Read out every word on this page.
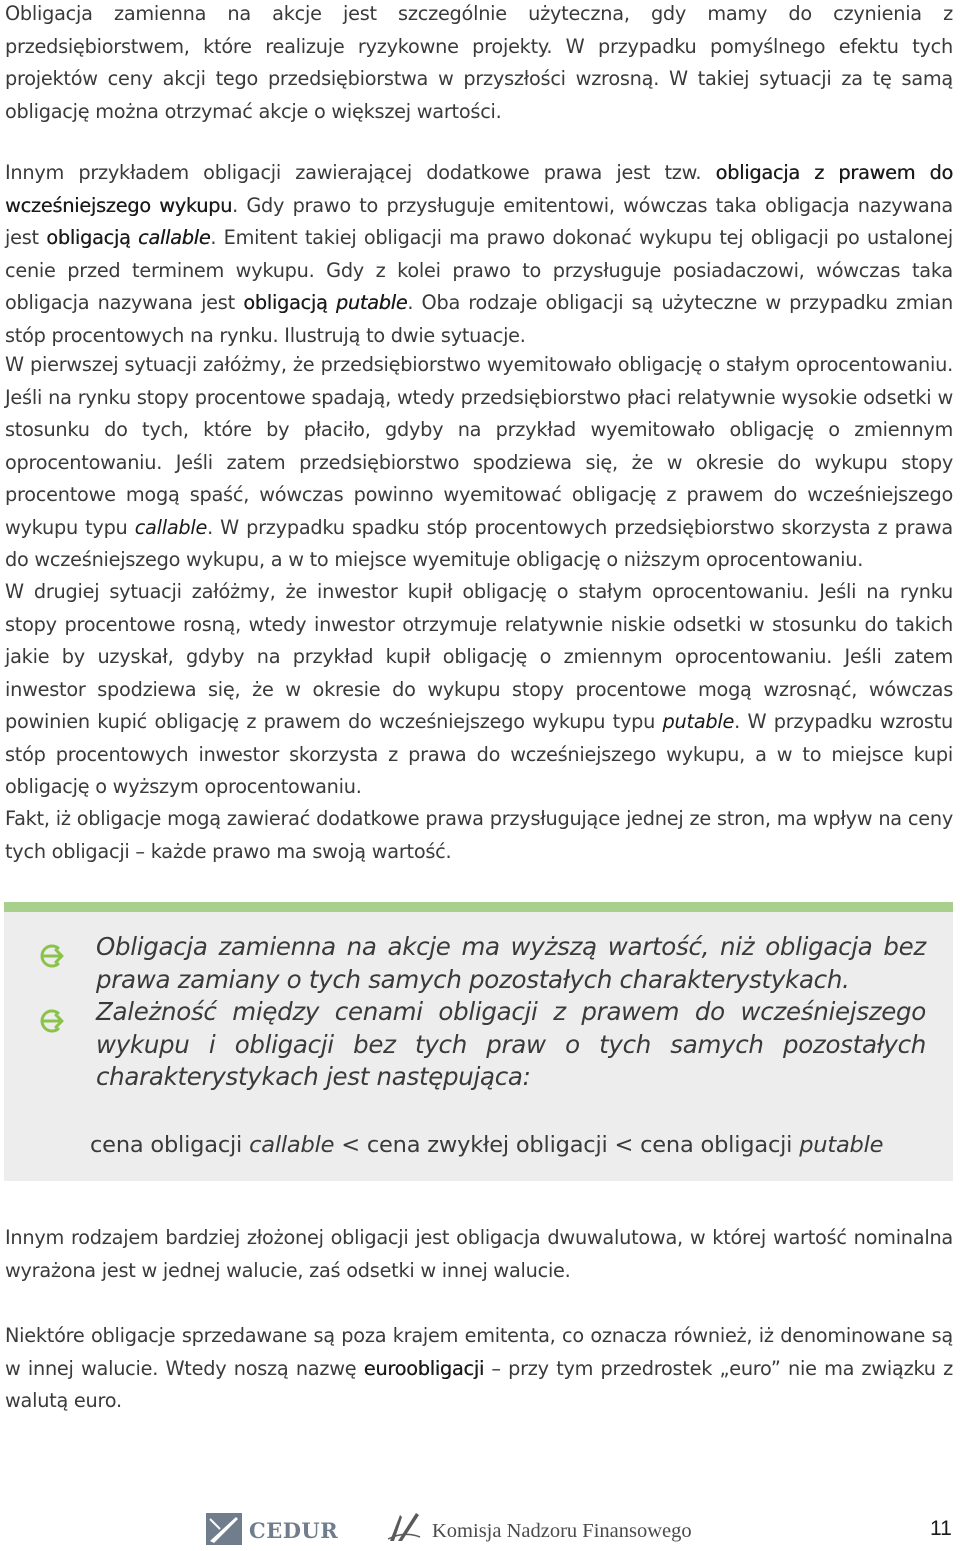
Obligacja zamienna na akcje jest szczególnie użyteczna, gdy mamy do czynienia z przedsiębiorstwem, które realizuje ryzykowne projekty. W przypadku pomyślnego efektu tych projektów ceny akcji tego przedsiębiorstwa w przyszłości wzrosną. W takiej sytuacji za tę samą obligację można otrzymać akcje o większej wartości.

Innym przykładem obligacji zawierającej dodatkowe prawa jest tzw. obligacja z prawem do wcześniejszego wykupu. Gdy prawo to przysługuje emitentowi, wówczas taka obligacja nazywana jest obligacją callable. Emitent takiej obligacji ma prawo dokonać wykupu tej obligacji po ustalonej cenie przed terminem wykupu. Gdy z kolei prawo to przysługuje posiadaczowi, wówczas taka obligacja nazywana jest obligacją putable. Oba rodzaje obligacji są użyteczne w przypadku zmian stóp procentowych na rynku. Ilustrują to dwie sytuacje.

W pierwszej sytuacji załóżmy, że przedsiębiorstwo wyemitowało obligację o stałym oprocentowaniu. Jeśli na rynku stopy procentowe spadają, wtedy przedsiębiorstwo płaci relatywnie wysokie odsetki w stosunku do tych, które by płaciło, gdyby na przykład wyemitowało obligację o zmiennym oprocentowaniu. Jeśli zatem przedsiębiorstwo spodziewa się, że w okresie do wykupu stopy procentowe mogą spaść, wówczas powinno wyemitować obligację z prawem do wcześniejszego wykupu typu callable. W przypadku spadku stóp procentowych przedsiębiorstwo skorzysta z prawa do wcześniejszego wykupu, a w to miejsce wyemituje obligację o niższym oprocentowaniu.

W drugiej sytuacji załóżmy, że inwestor kupił obligację o stałym oprocentowaniu. Jeśli na rynku stopy procentowe rosną, wtedy inwestor otrzymuje relatywnie niskie odsetki w stosunku do takich jakie by uzyskał, gdyby na przykład kupił obligację o zmiennym oprocentowaniu. Jeśli zatem inwestor spodziewa się, że w okresie do wykupu stopy procentowe mogą wzrosnąć, wówczas powinien kupić obligację z prawem do wcześniejszego wykupu typu putable. W przypadku wzrostu stóp procentowych inwestor skorzysta z prawa do wcześniejszego wykupu, a w to miejsce kupi obligację o wyższym oprocentowaniu.

Fakt, iż obligacje mogą zawierać dodatkowe prawa przysługujące jednej ze stron, ma wpływ na ceny tych obligacji – każde prawo ma swoją wartość.

Obligacja zamienna na akcje ma wyższą wartość, niż obligacja bez prawa zamiany o tych samych pozostałych charakterystykach.

Zależność między cenami obligacji z prawem do wcześniejszego wykupu i obligacji bez tych praw o tych samych pozostałych charakterystykach jest następująca:

cena obligacji callable < cena zwykłej obligacji < cena obligacji putable

Innym rodzajem bardziej złożonej obligacji jest obligacja dwuwalutowa, w której wartość nominalna wyrażona jest w jednej walucie, zaś odsetki w innej walucie.

Niektóre obligacje sprzedawane są poza krajem emitenta, co oznacza również, iż denominowane są w innej walucie. Wtedy noszą nazwę euroobligacji – przy tym przedrostek „euro” nie ma związku z walutą euro.

CEDUR	Komisja Nadzoru Finansowego	11
